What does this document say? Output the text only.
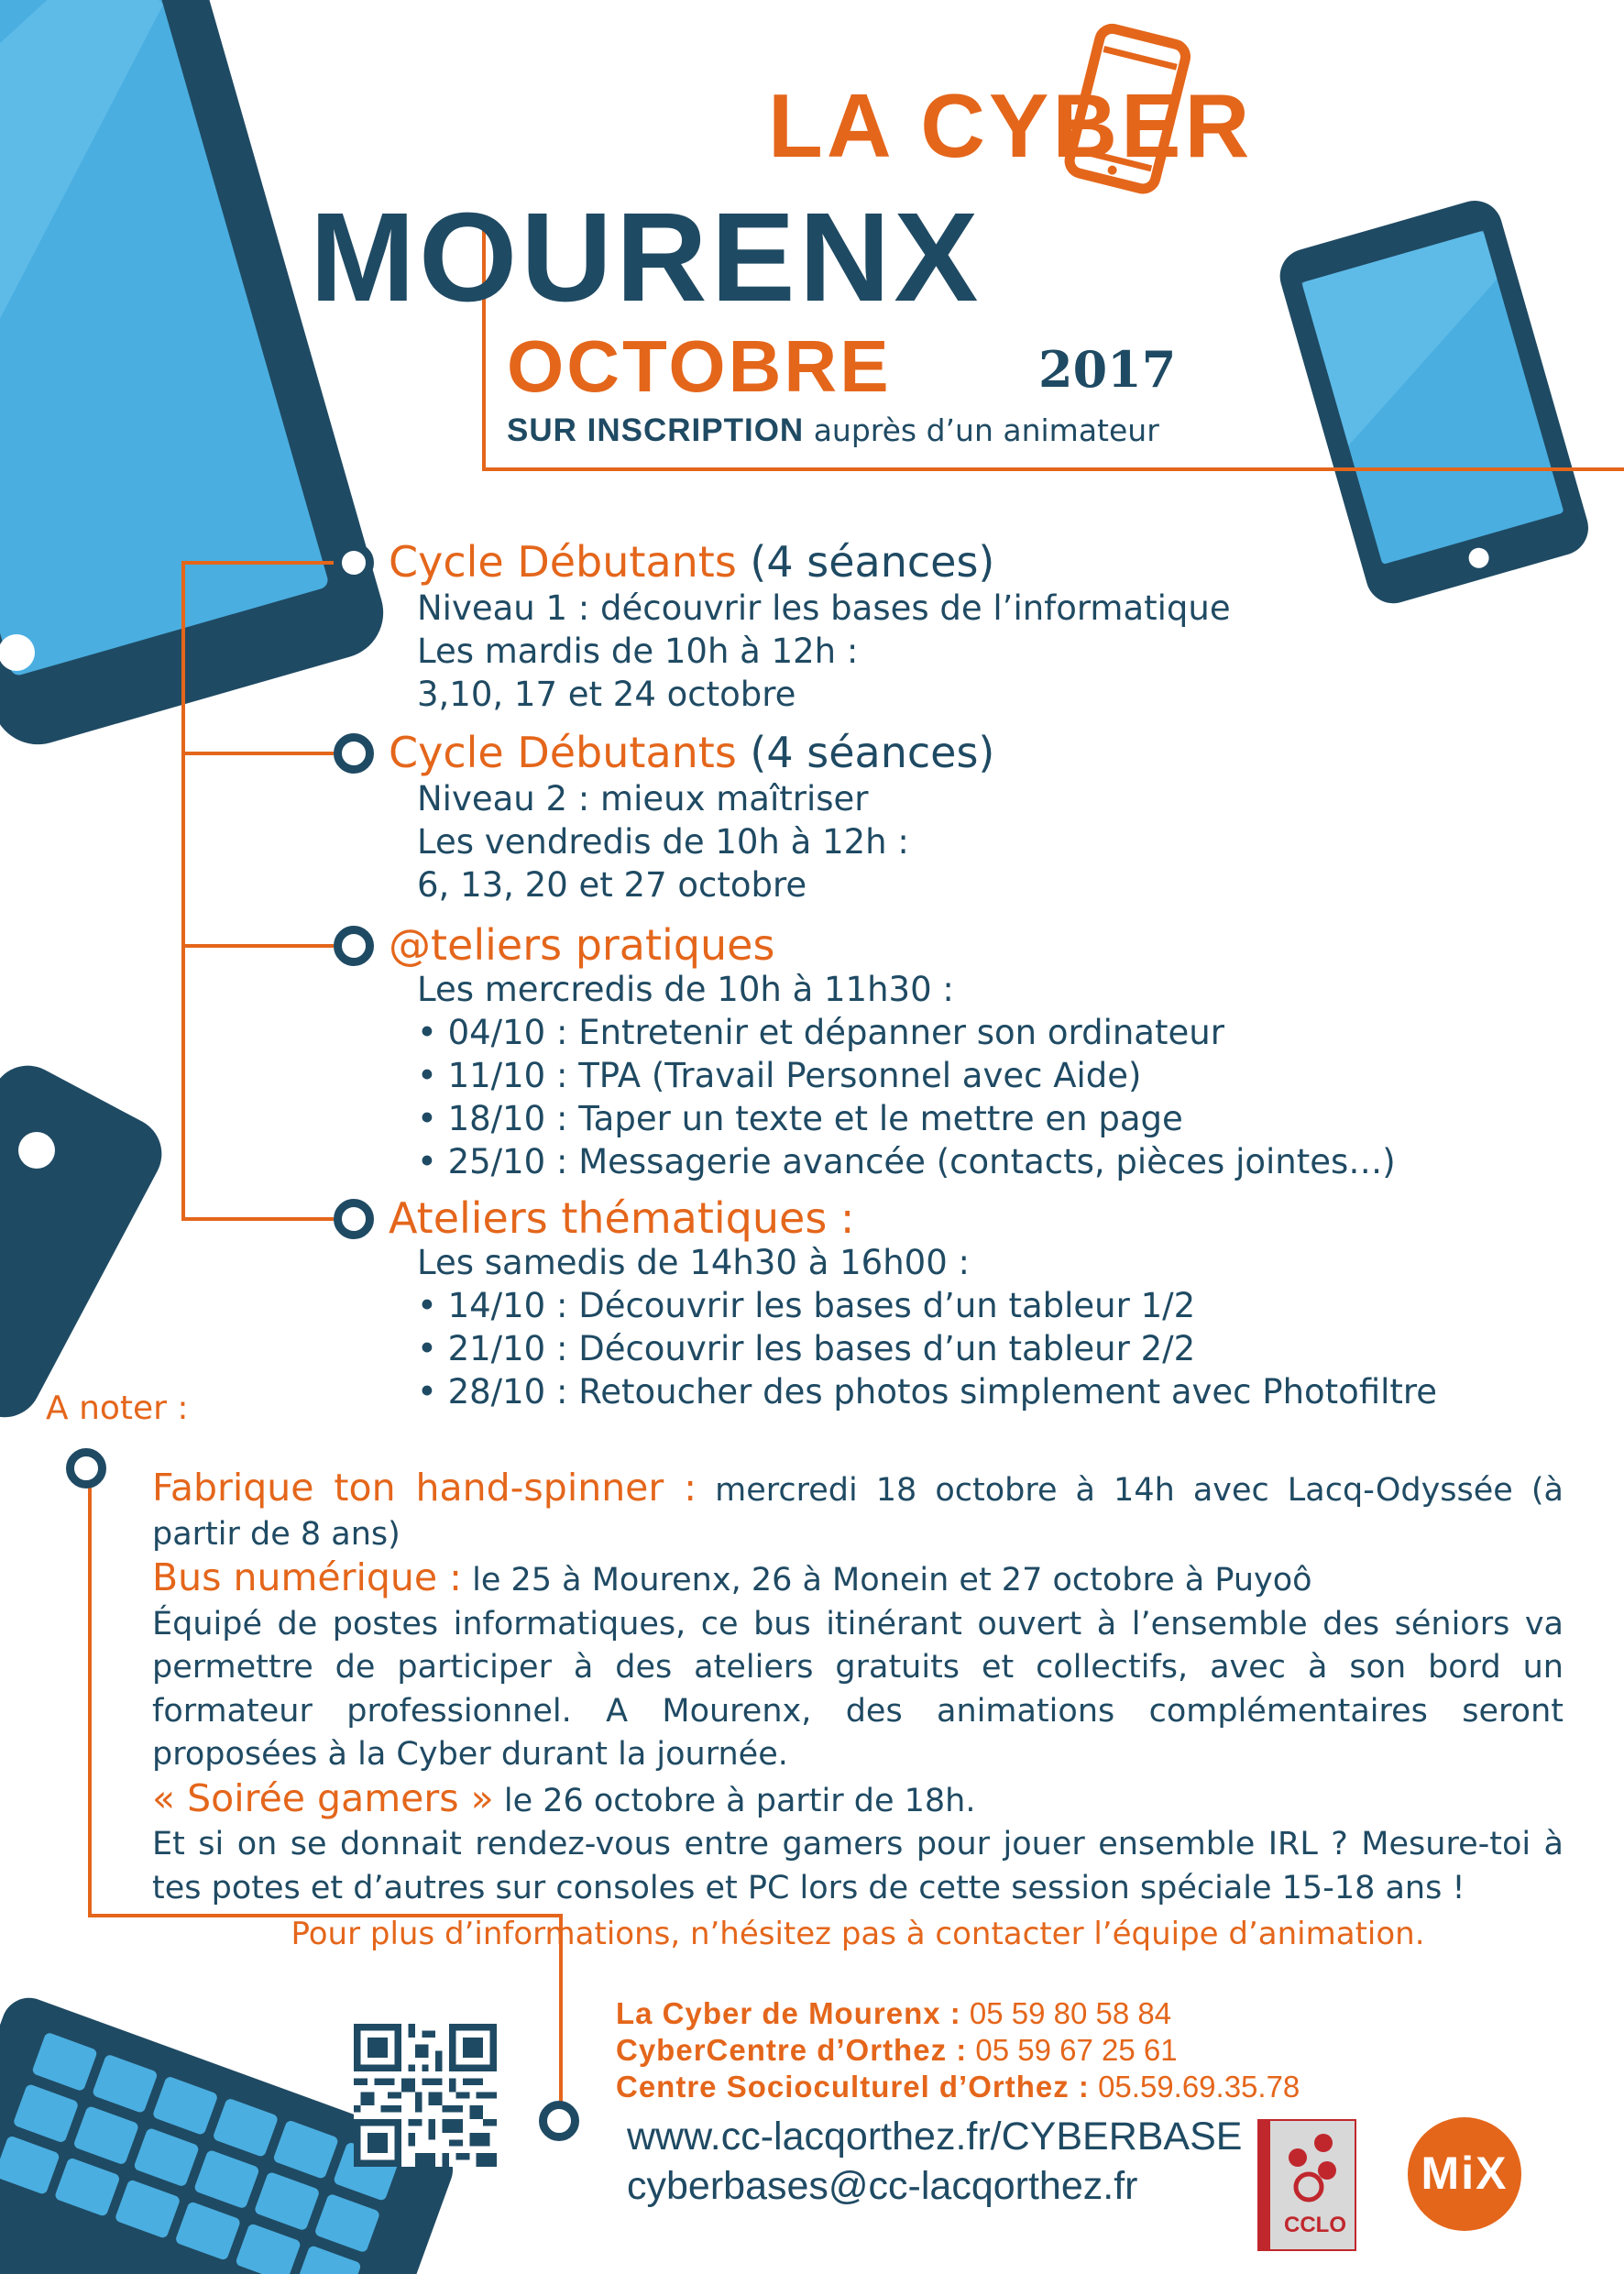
LA CYBER
MOURENX
OCTOBRE	2017
SUR INSCRIPTION auprès d’un animateur
Cycle Débutants (4 séances)
Niveau 1 : découvrir les bases de l’informatique
Les mardis de 10h à 12h :
3,10, 17 et 24 octobre
Cycle Débutants (4 séances)
Niveau 2 : mieux maîtriser
Les vendredis de 10h à 12h :
6, 13, 20 et 27 octobre
@teliers pratiques
Les mercredis de 10h à 11h30 :
• 04/10 : Entretenir et dépanner son ordinateur
• 11/10 : TPA (Travail Personnel avec Aide)
• 18/10 : Taper un texte et le mettre en page
• 25/10 : Messagerie avancée (contacts, pièces jointes…)
Ateliers thématiques :
Les samedis de 14h30 à 16h00 :
• 14/10 : Découvrir les bases d’un tableur 1/2
• 21/10 : Découvrir les bases d’un tableur 2/2
• 28/10 : Retoucher des photos simplement avec Photofiltre
A noter :

Fabrique ton hand-spinner : mercredi 18 octobre à 14h avec Lacq-Odyssée (à partir de 8 ans)

Bus numérique : le 25 à Mourenx, 26 à Monein et 27 octobre à Puyoô

Équipé de postes informatiques, ce bus itinérant ouvert à l’ensemble des séniors va permettre de participer à des ateliers gratuits et collectifs, avec à son bord un formateur professionnel. A Mourenx, des animations complémentaires seront proposées à la Cyber durant la journée.

« Soirée gamers » le 26 octobre à partir de 18h.

Et si on se donnait rendez-vous entre gamers pour jouer ensemble IRL ? Mesure-toi à tes potes et d’autres sur consoles et PC lors de cette session spéciale 15-18 ans !

Pour plus d’informations, n’hésitez pas à contacter l’équipe d’animation.
La Cyber de Mourenx : 05 59 80 58 84
CyberCentre d’Orthez : 05 59 67 25 61
Centre Socioculturel d’Orthez : 05.59.69.35.78
www.cc-lacqorthez.fr/CYBERBASE
cyberbases@cc-lacqorthez.fr
CCLO
MiX
